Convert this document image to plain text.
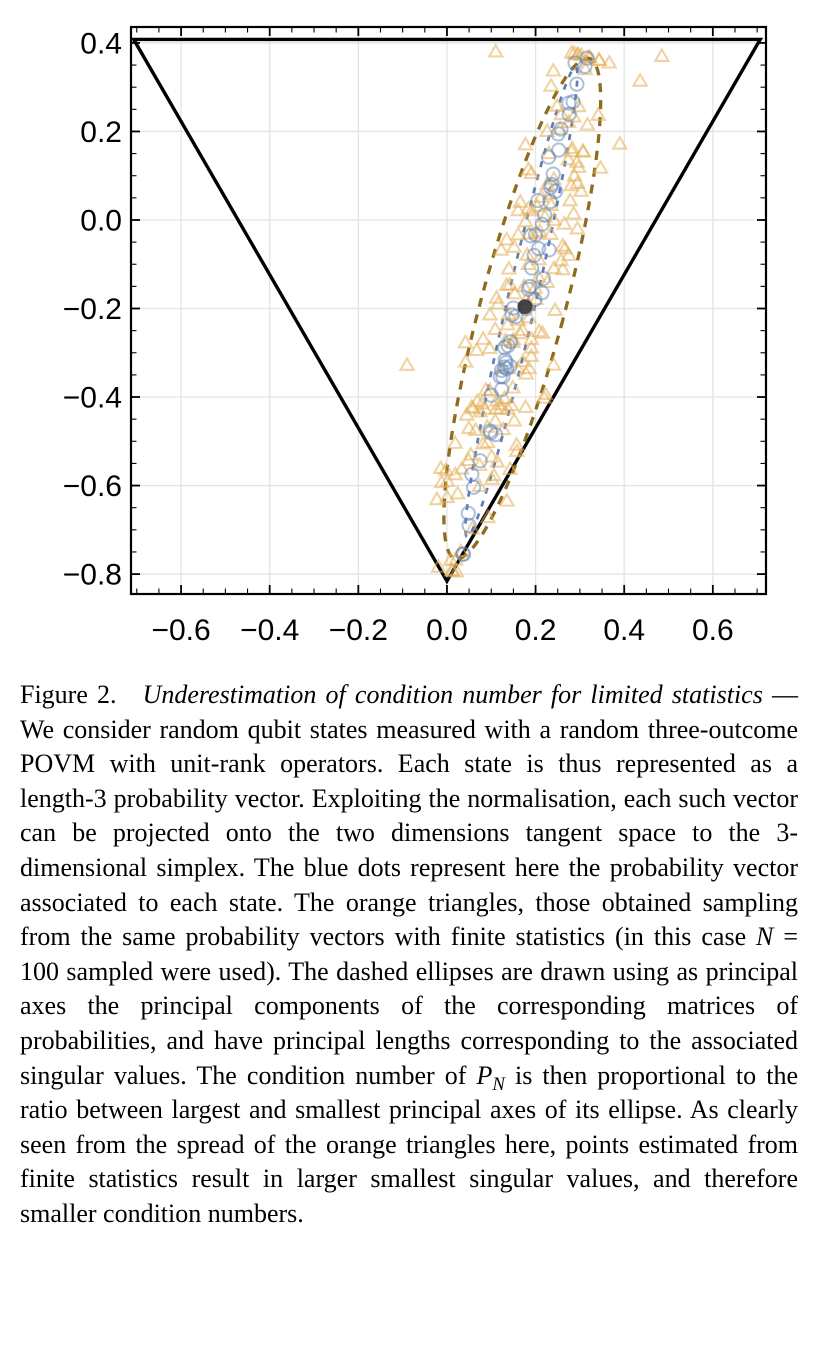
−0.6 −0.4 −0.2 0.0 0.2 0.4 0.6
0.4
0.2
0.0
−0.2
−0.4
−0.6
−0.8
Figure 2. Underestimation of condition number for limited statistics — We consider random qubit states measured with a random three-outcome POVM with unit-rank operators. Each state is thus represented as a length-3 probability vector. Exploiting the normalisation, each such vector can be projected onto the two dimensions tangent space to the 3-dimensional simplex. The blue dots represent here the probability vector associated to each state. The orange triangles, those obtained sampling from the same probability vectors with finite statistics (in this case N = 100 sampled were used). The dashed ellipses are drawn using as principal axes the principal components of the corresponding matrices of probabilities, and have principal lengths corresponding to the associated singular values. The condition number of $P_N$ is then proportional to the ratio between largest and smallest principal axes of its ellipse. As clearly seen from the spread of the orange triangles here, points estimated from finite statistics result in larger smallest singular values, and therefore smaller condition numbers.
